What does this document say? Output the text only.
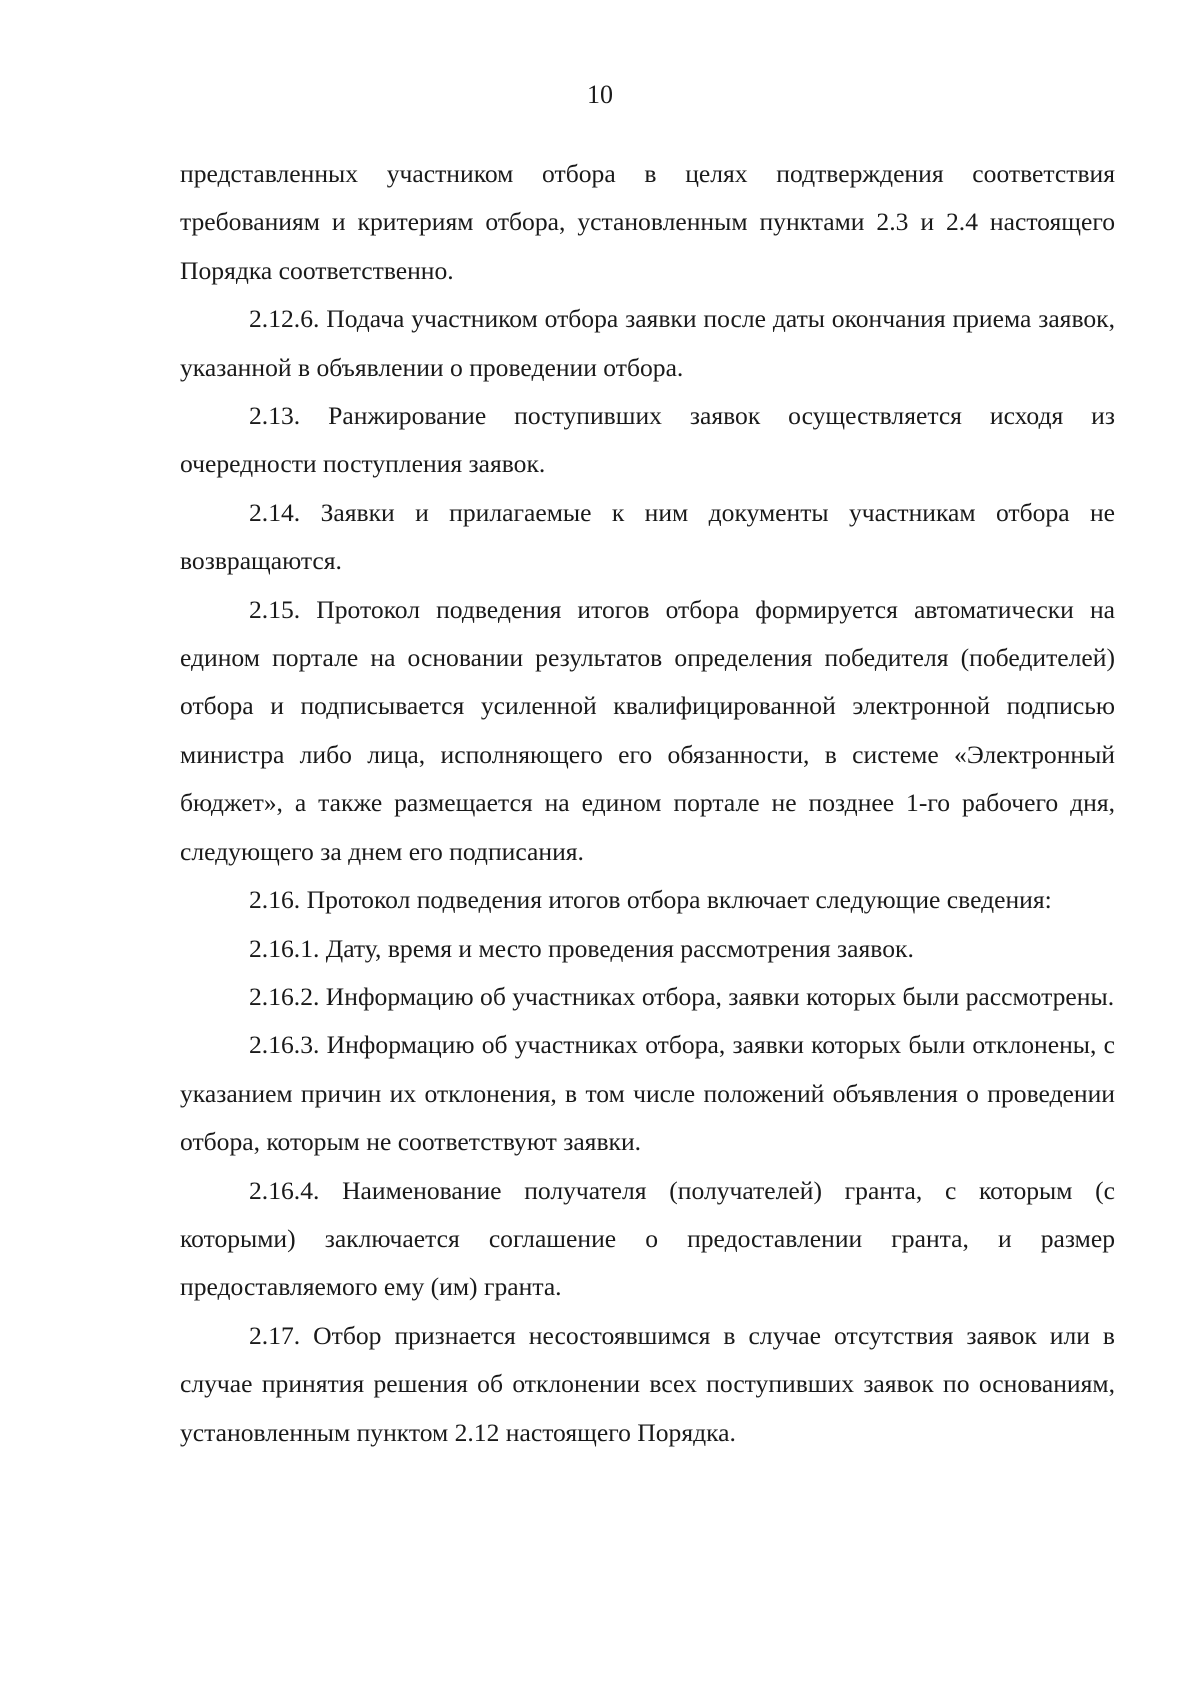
10

представленных участником отбора в целях подтверждения соответствия требованиям и критериям отбора, установленным пунктами 2.3 и 2.4 настоящего Порядка соответственно.

2.12.6. Подача участником отбора заявки после даты окончания приема заявок, указанной в объявлении о проведении отбора.

2.13. Ранжирование поступивших заявок осуществляется исходя из очередности поступления заявок.

2.14. Заявки и прилагаемые к ним документы участникам отбора не возвращаются.

2.15. Протокол подведения итогов отбора формируется автоматически на едином портале на основании результатов определения победителя (победителей) отбора и подписывается усиленной квалифицированной электронной подписью министра либо лица, исполняющего его обязанности, в системе «Электронный бюджет», а также размещается на едином портале не позднее 1-го рабочего дня, следующего за днем его подписания.

2.16. Протокол подведения итогов отбора включает следующие сведения:

2.16.1. Дату, время и место проведения рассмотрения заявок.

2.16.2. Информацию об участниках отбора, заявки которых были рассмотрены.

2.16.3. Информацию об участниках отбора, заявки которых были отклонены, с указанием причин их отклонения, в том числе положений объявления о проведении отбора, которым не соответствуют заявки.

2.16.4. Наименование получателя (получателей) гранта, с которым (с которыми) заключается соглашение о предоставлении гранта, и размер предоставляемого ему (им) гранта.

2.17. Отбор признается несостоявшимся в случае отсутствия заявок или в случае принятия решения об отклонении всех поступивших заявок по основаниям, установленным пунктом 2.12 настоящего Порядка.
